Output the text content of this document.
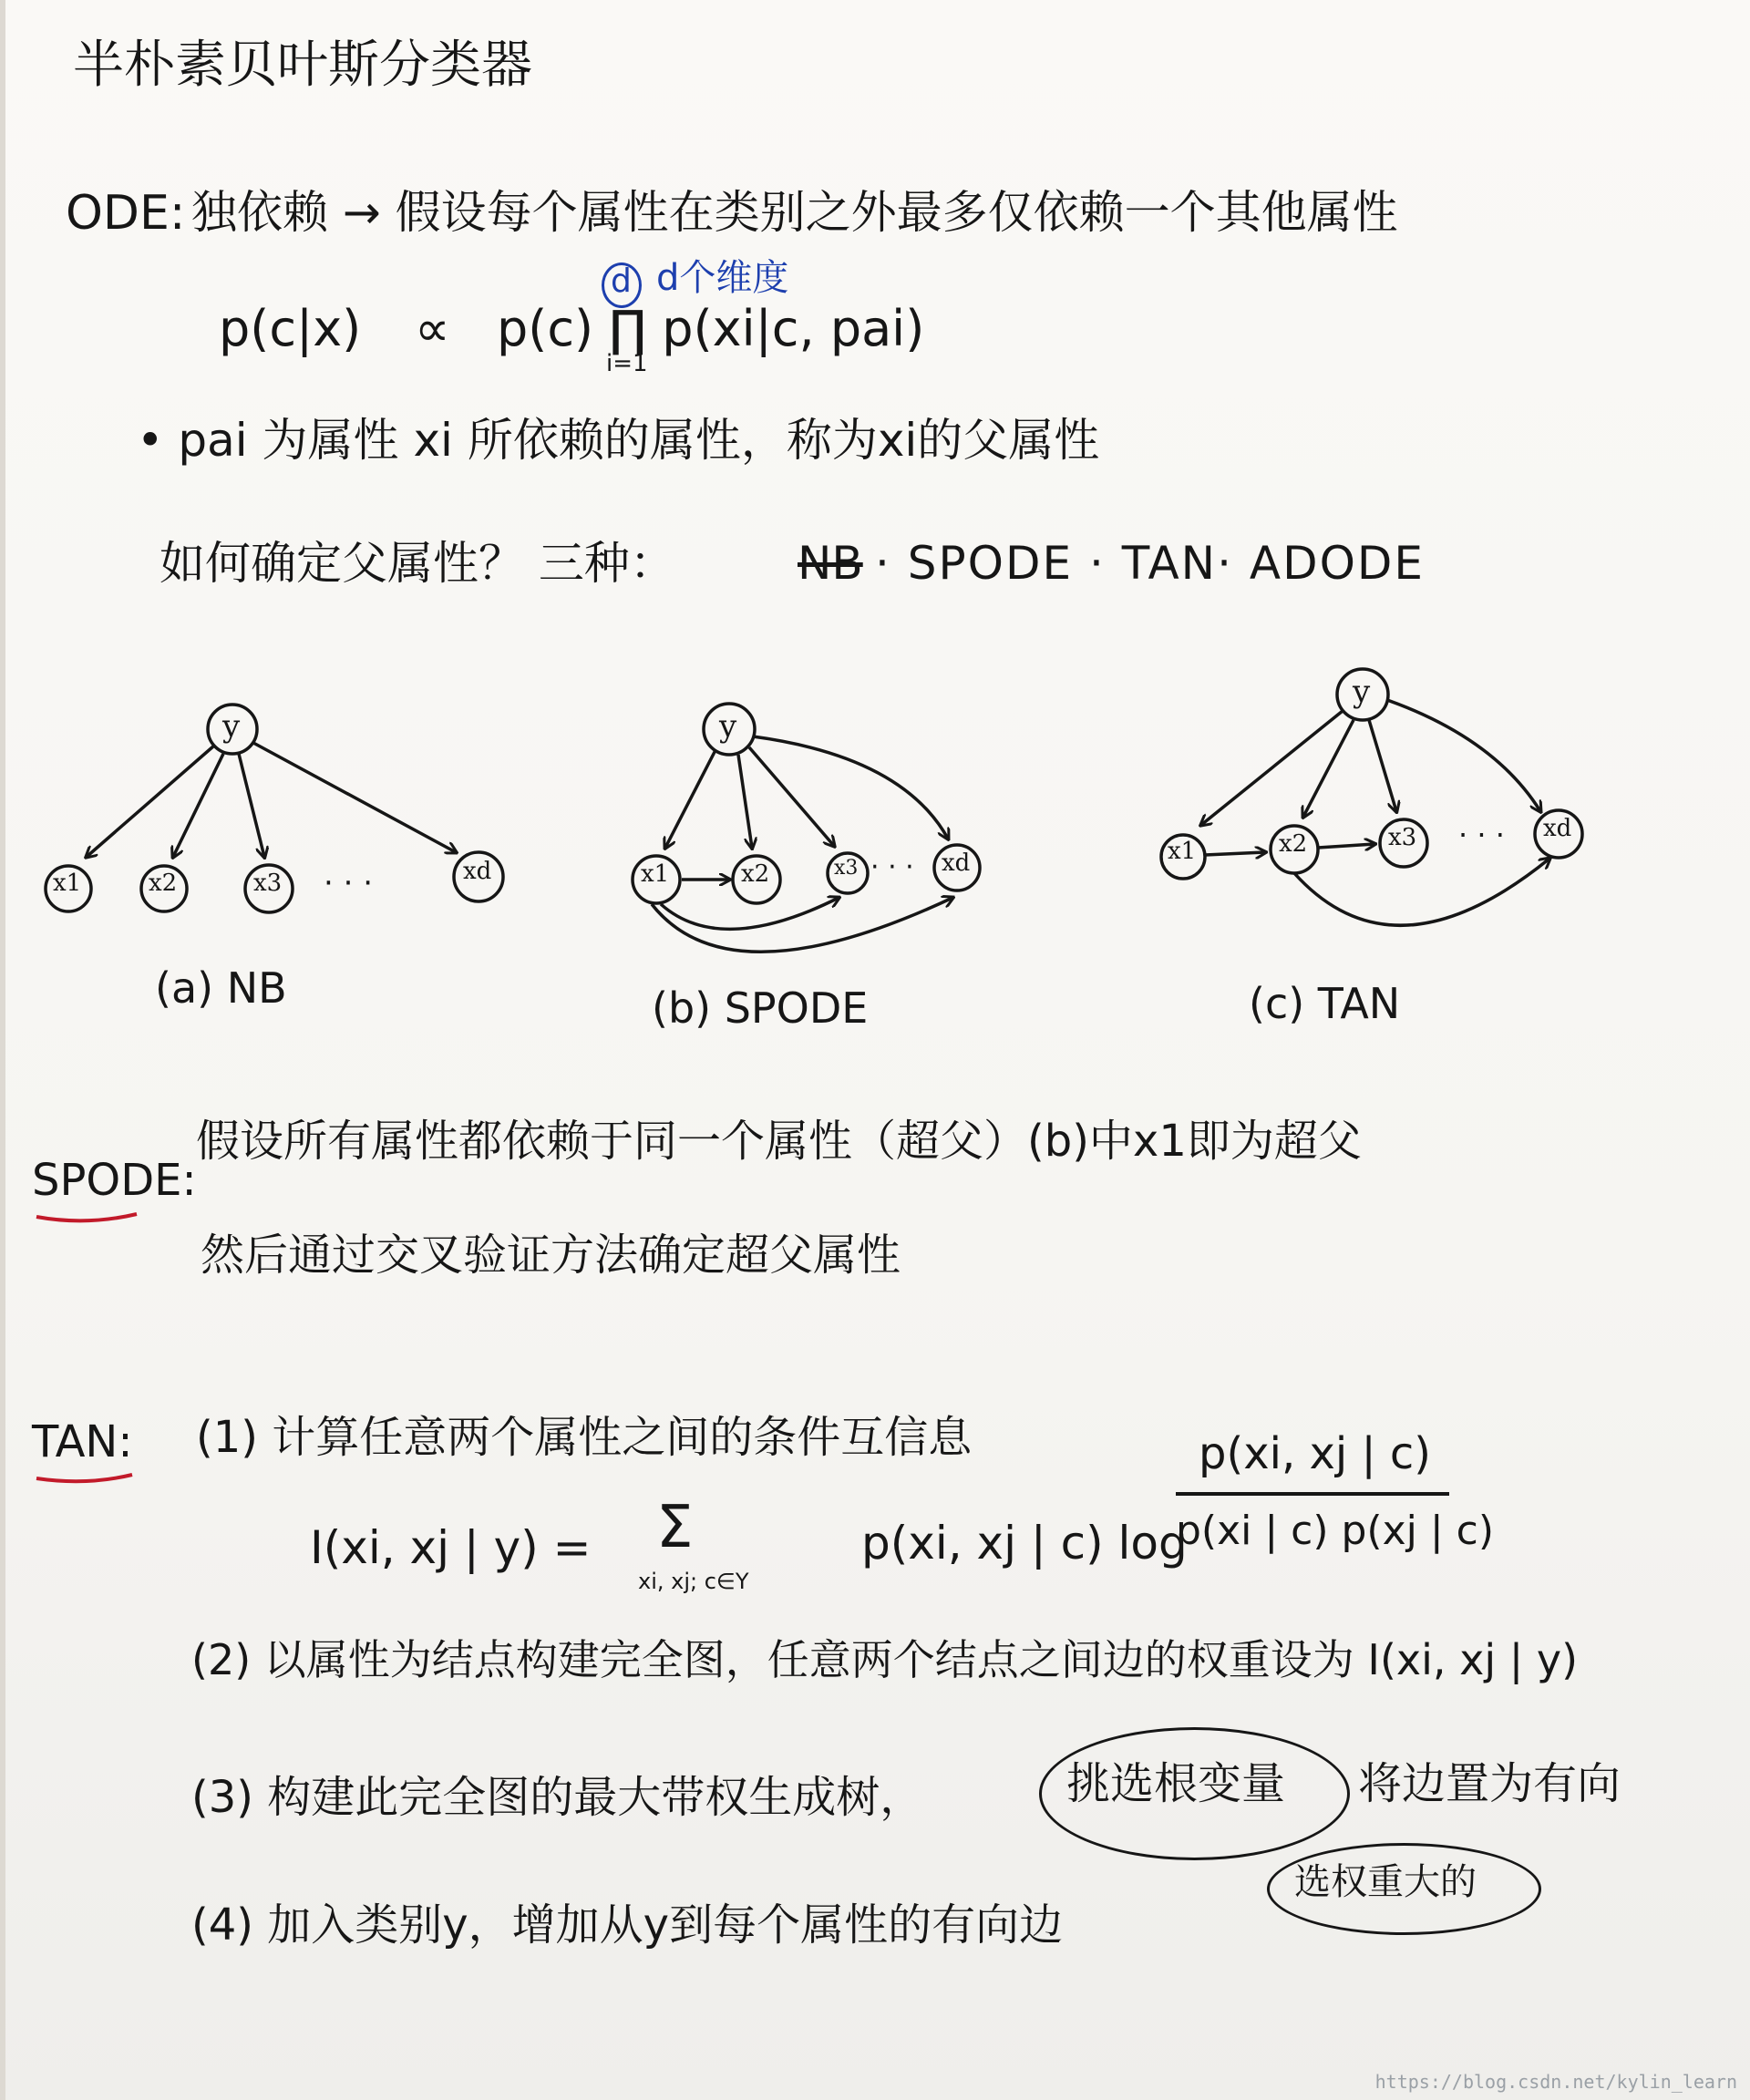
半朴素贝叶斯分类器
ODE: 独依赖 → 假设每个属性在类别之外最多仅依赖一个其他属性
d个维度
d
p(c|x) ∝ p(c) ∏ p(xi|c, pai)
i=1
• pai 为属性 xi 所依赖的属性，称为xi的父属性
如何确定父属性？ 三种：	NB · SPODE · TAN· ADODE
y
x1	x2	x3	xd
· · ·
(a) NB
y
x1	x2	x3	xd
· · ·
(b) SPODE
y
x1	x2	x3	xd
· · ·
(c) TAN
SPODE:
假设所有属性都依赖于同一个属性（超父）(b)中x1即为超父
然后通过交叉验证方法确定超父属性
TAN: (1) 计算任意两个属性之间的条件互信息
I(xi, xj | y) = Σ
xi, xj; c∈Y
p(xi, xj | c) log
p(xi, xj | c)
p(xi | c) p(xj | c)
(2) 以属性为结点构建完全图，任意两个结点之间边的权重设为 I(xi, xj | y)
(3) 构建此完全图的最大带权生成树，	挑选根变量 将边置为有向
选权重大的
(4) 加入类别y，增加从y到每个属性的有向边
https://blog.csdn.net/kylin_learn
